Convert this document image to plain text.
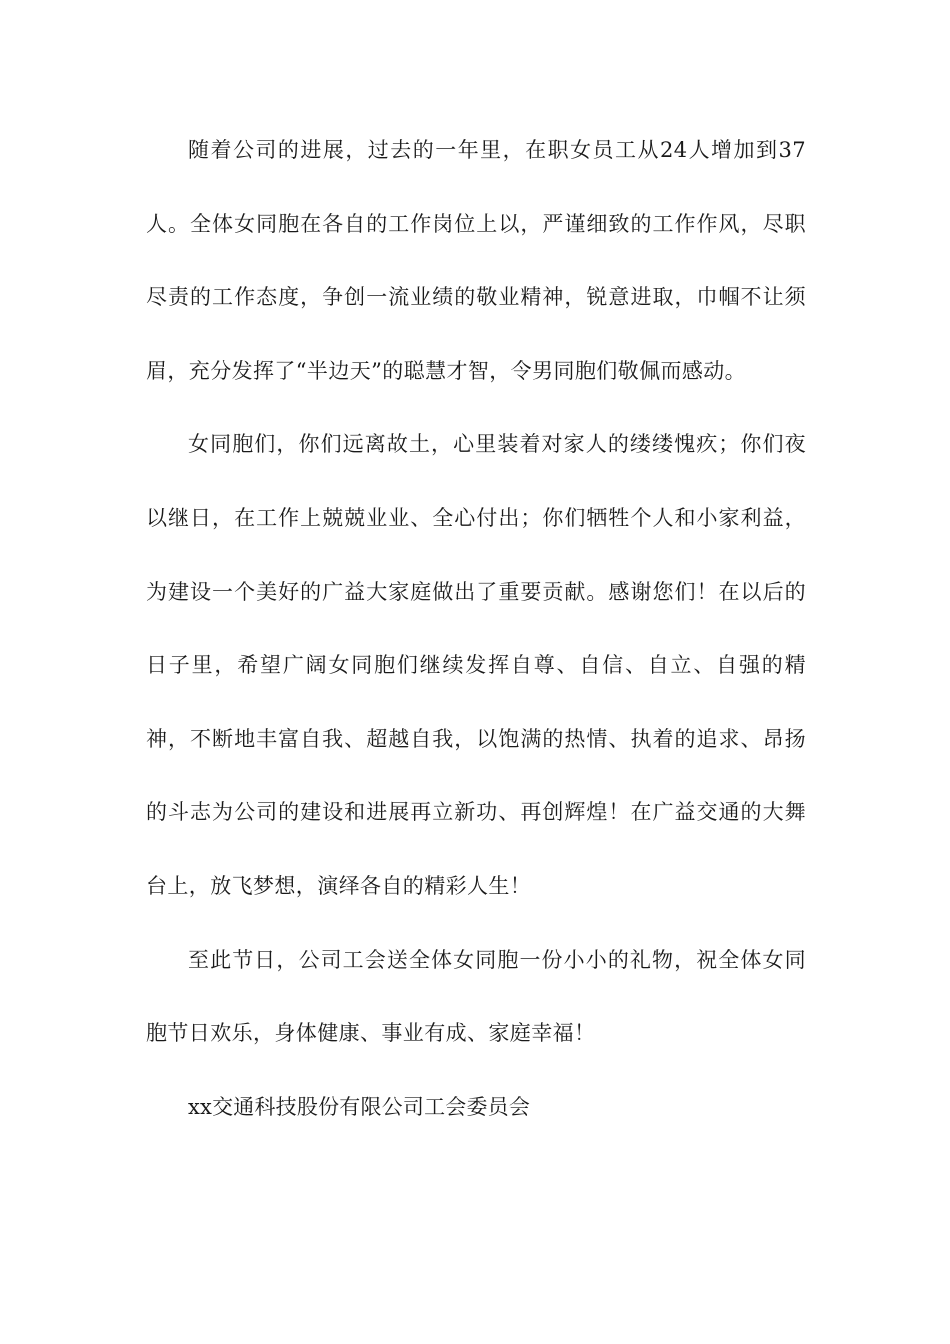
随着公司的进展，过去的一年里，在职女员工从24人增加到37人。全体女同胞在各自的工作岗位上以，严谨细致的工作作风，尽职尽责的工作态度，争创一流业绩的敬业精神，锐意进取，巾帼不让须眉，充分发挥了“半边天”的聪慧才智，令男同胞们敬佩而感动。

女同胞们，你们远离故土，心里装着对家人的缕缕愧疚；你们夜以继日，在工作上兢兢业业、全心付出；你们牺牲个人和小家利益，为建设一个美好的广益大家庭做出了重要贡献。感谢您们！在以后的日子里，希望广阔女同胞们继续发挥自尊、自信、自立、自强的精神，不断地丰富自我、超越自我，以饱满的热情、执着的追求、昂扬的斗志为公司的建设和进展再立新功、再创辉煌！在广益交通的大舞台上，放飞梦想，演绎各自的精彩人生！

至此节日，公司工会送全体女同胞一份小小的礼物，祝全体女同胞节日欢乐，身体健康、事业有成、家庭幸福！

xx交通科技股份有限公司工会委员会
